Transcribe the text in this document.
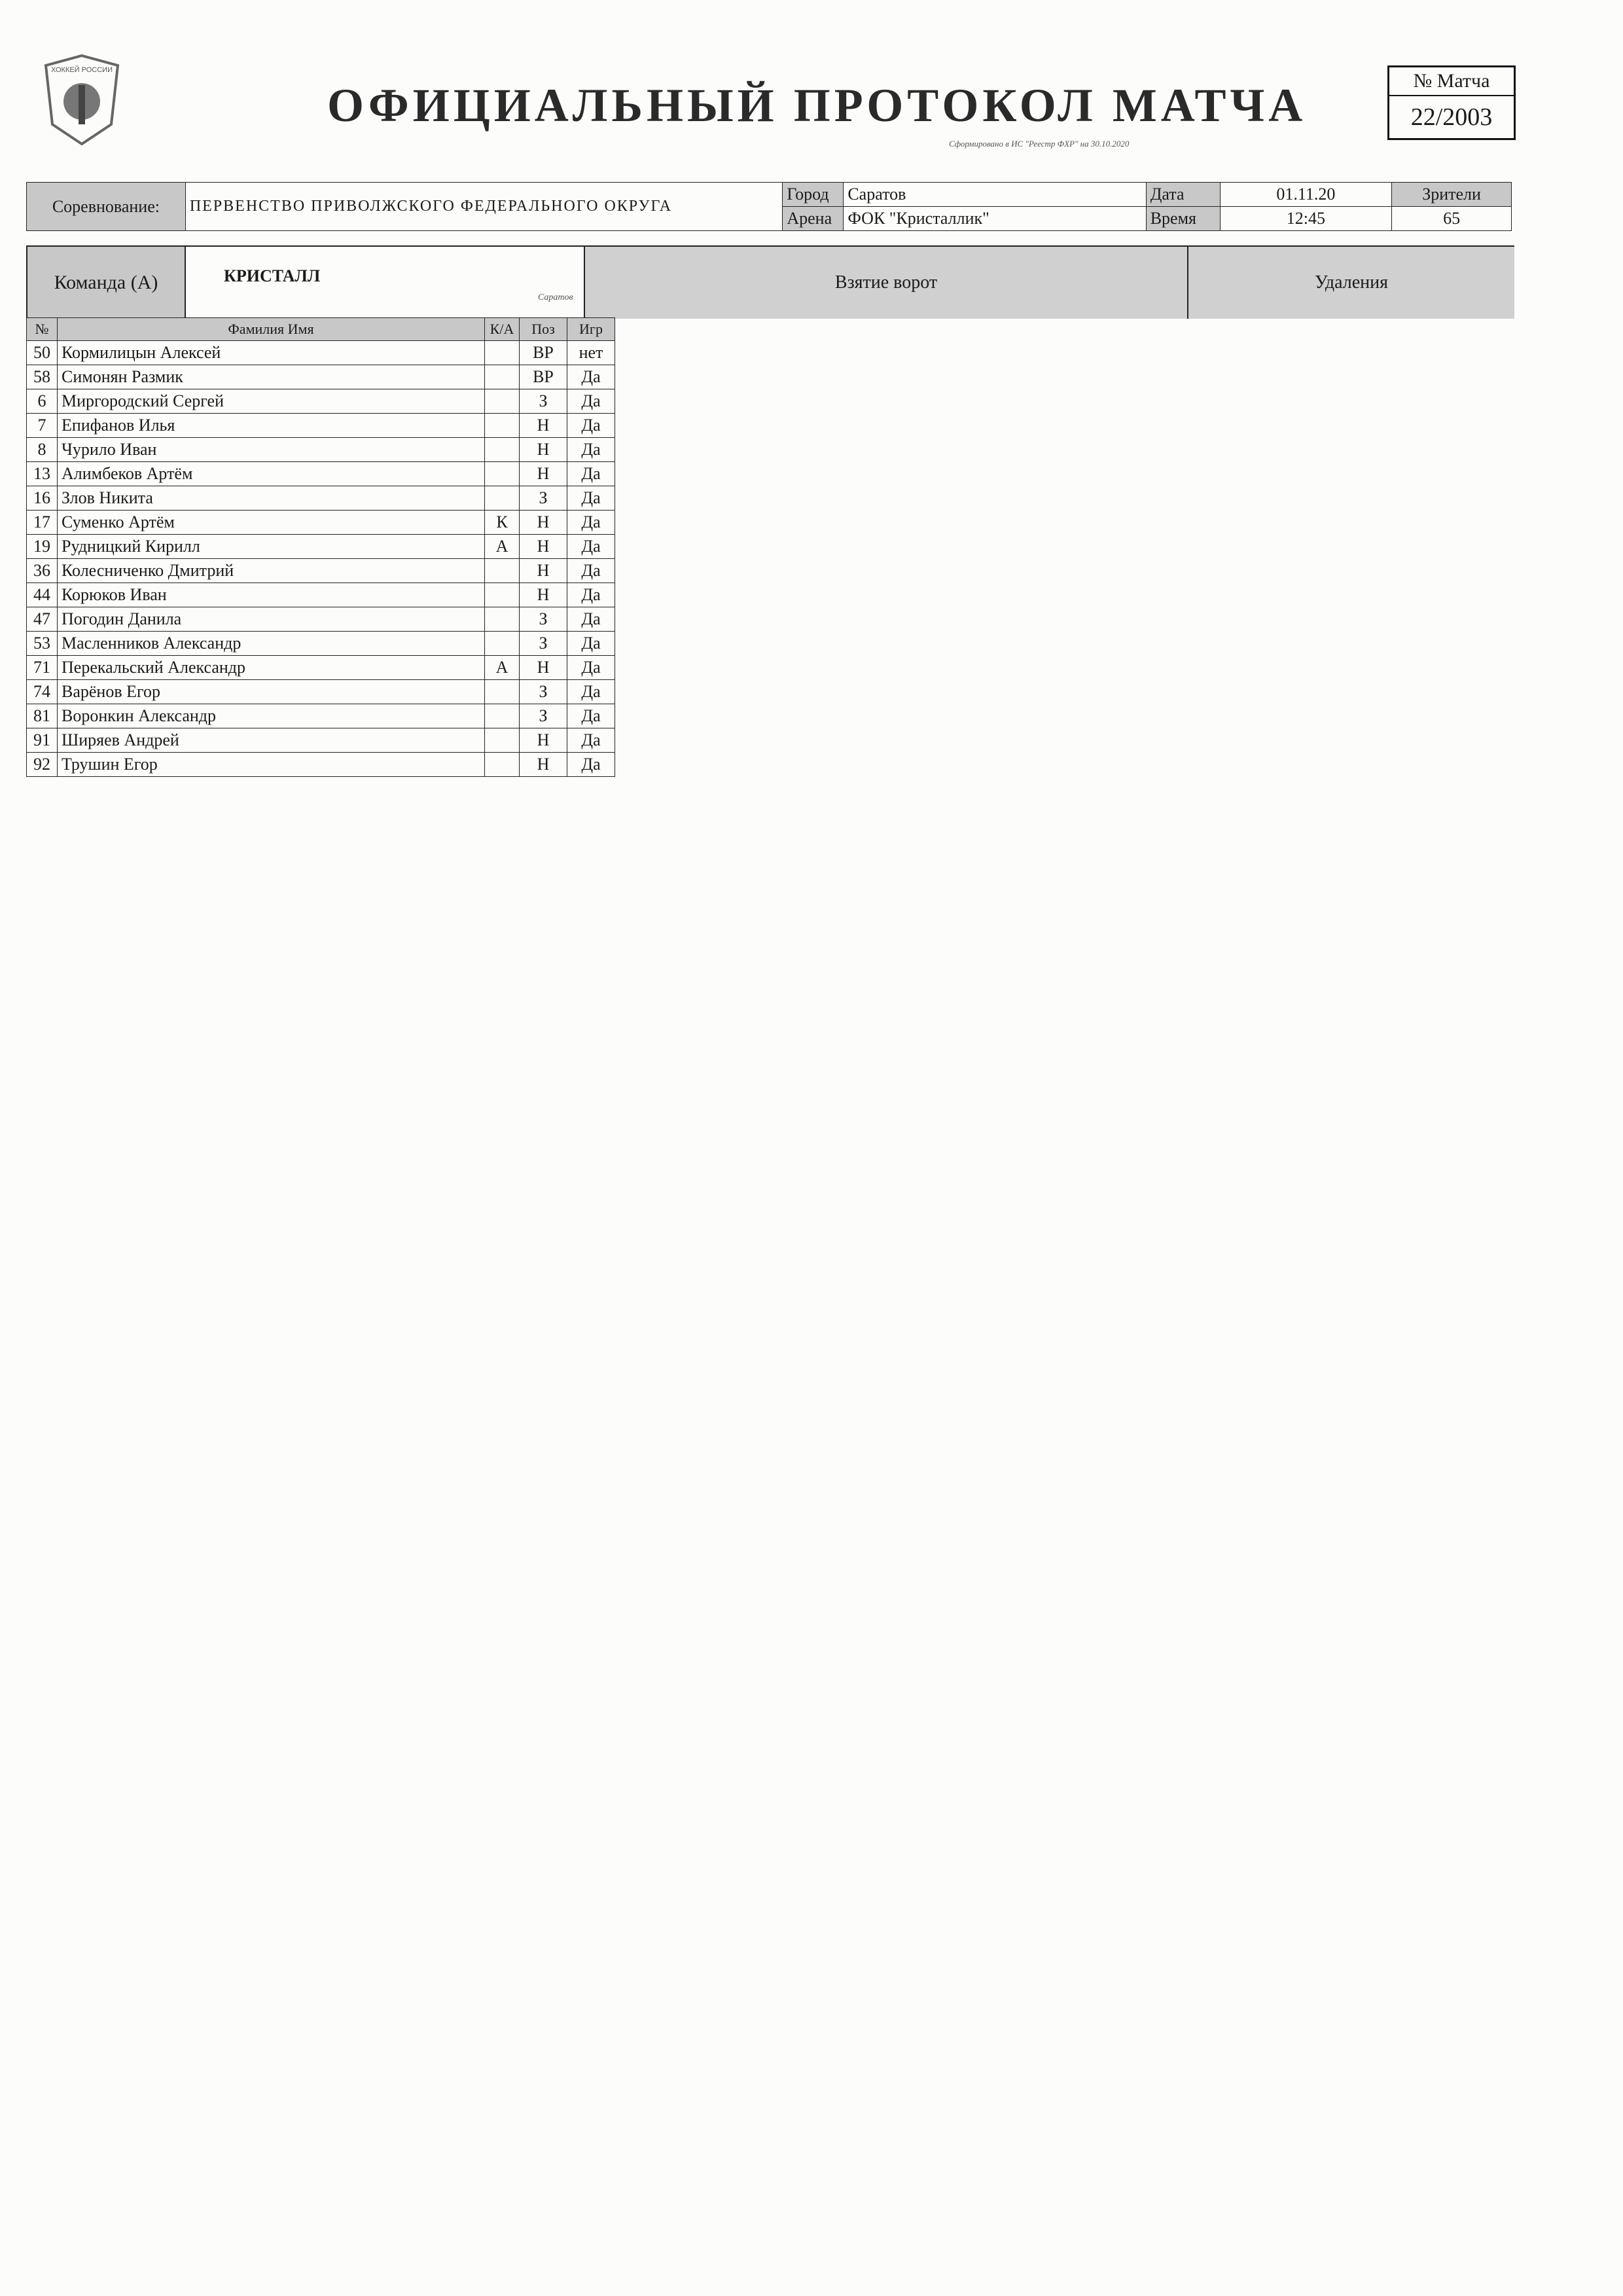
ХОККЕЙ РОССИИ
ОФИЦИАЛЬНЫЙ ПРОТОКОЛ МАТЧА
Сформировано в ИС "Реестр ФХР" на 30.10.2020
№ Матча
22/2003
Соревнование:	ПЕРВЕНСТВО ПРИВОЛЖСКОГО ФЕДЕРАЛЬНОГО ОКРУГА	Город	Саратов	Дата	01.11.20	Зрители
		Арена	ФОК "Кристаллик"	Время	12:45	65
Команда (А)	КРИСТАЛЛ
Саратов
Взятие ворот	Удаления
№	Фамилия Имя	К/А	Поз	Игр
50	Кормилицын Алексей		ВР	нет
58	Симонян Размик		ВР	Да
6	Миргородский Сергей		З	Да
7	Епифанов Илья		Н	Да
8	Чурило Иван		Н	Да
13	Алимбеков Артём		Н	Да
16	Злов Никита		З	Да
17	Суменко Артём	К	Н	Да
19	Рудницкий Кирилл	А	Н	Да
36	Колесниченко Дмитрий		Н	Да
44	Корюков Иван		Н	Да
47	Погодин Данила		З	Да
53	Масленников Александр		З	Да
71	Перекальский Александр	А	Н	Да
74	Варёнов Егор		З	Да
81	Воронкин Александр		З	Да
91	Ширяев Андрей		Н	Да
92	Трушин Егор		Н	Да
